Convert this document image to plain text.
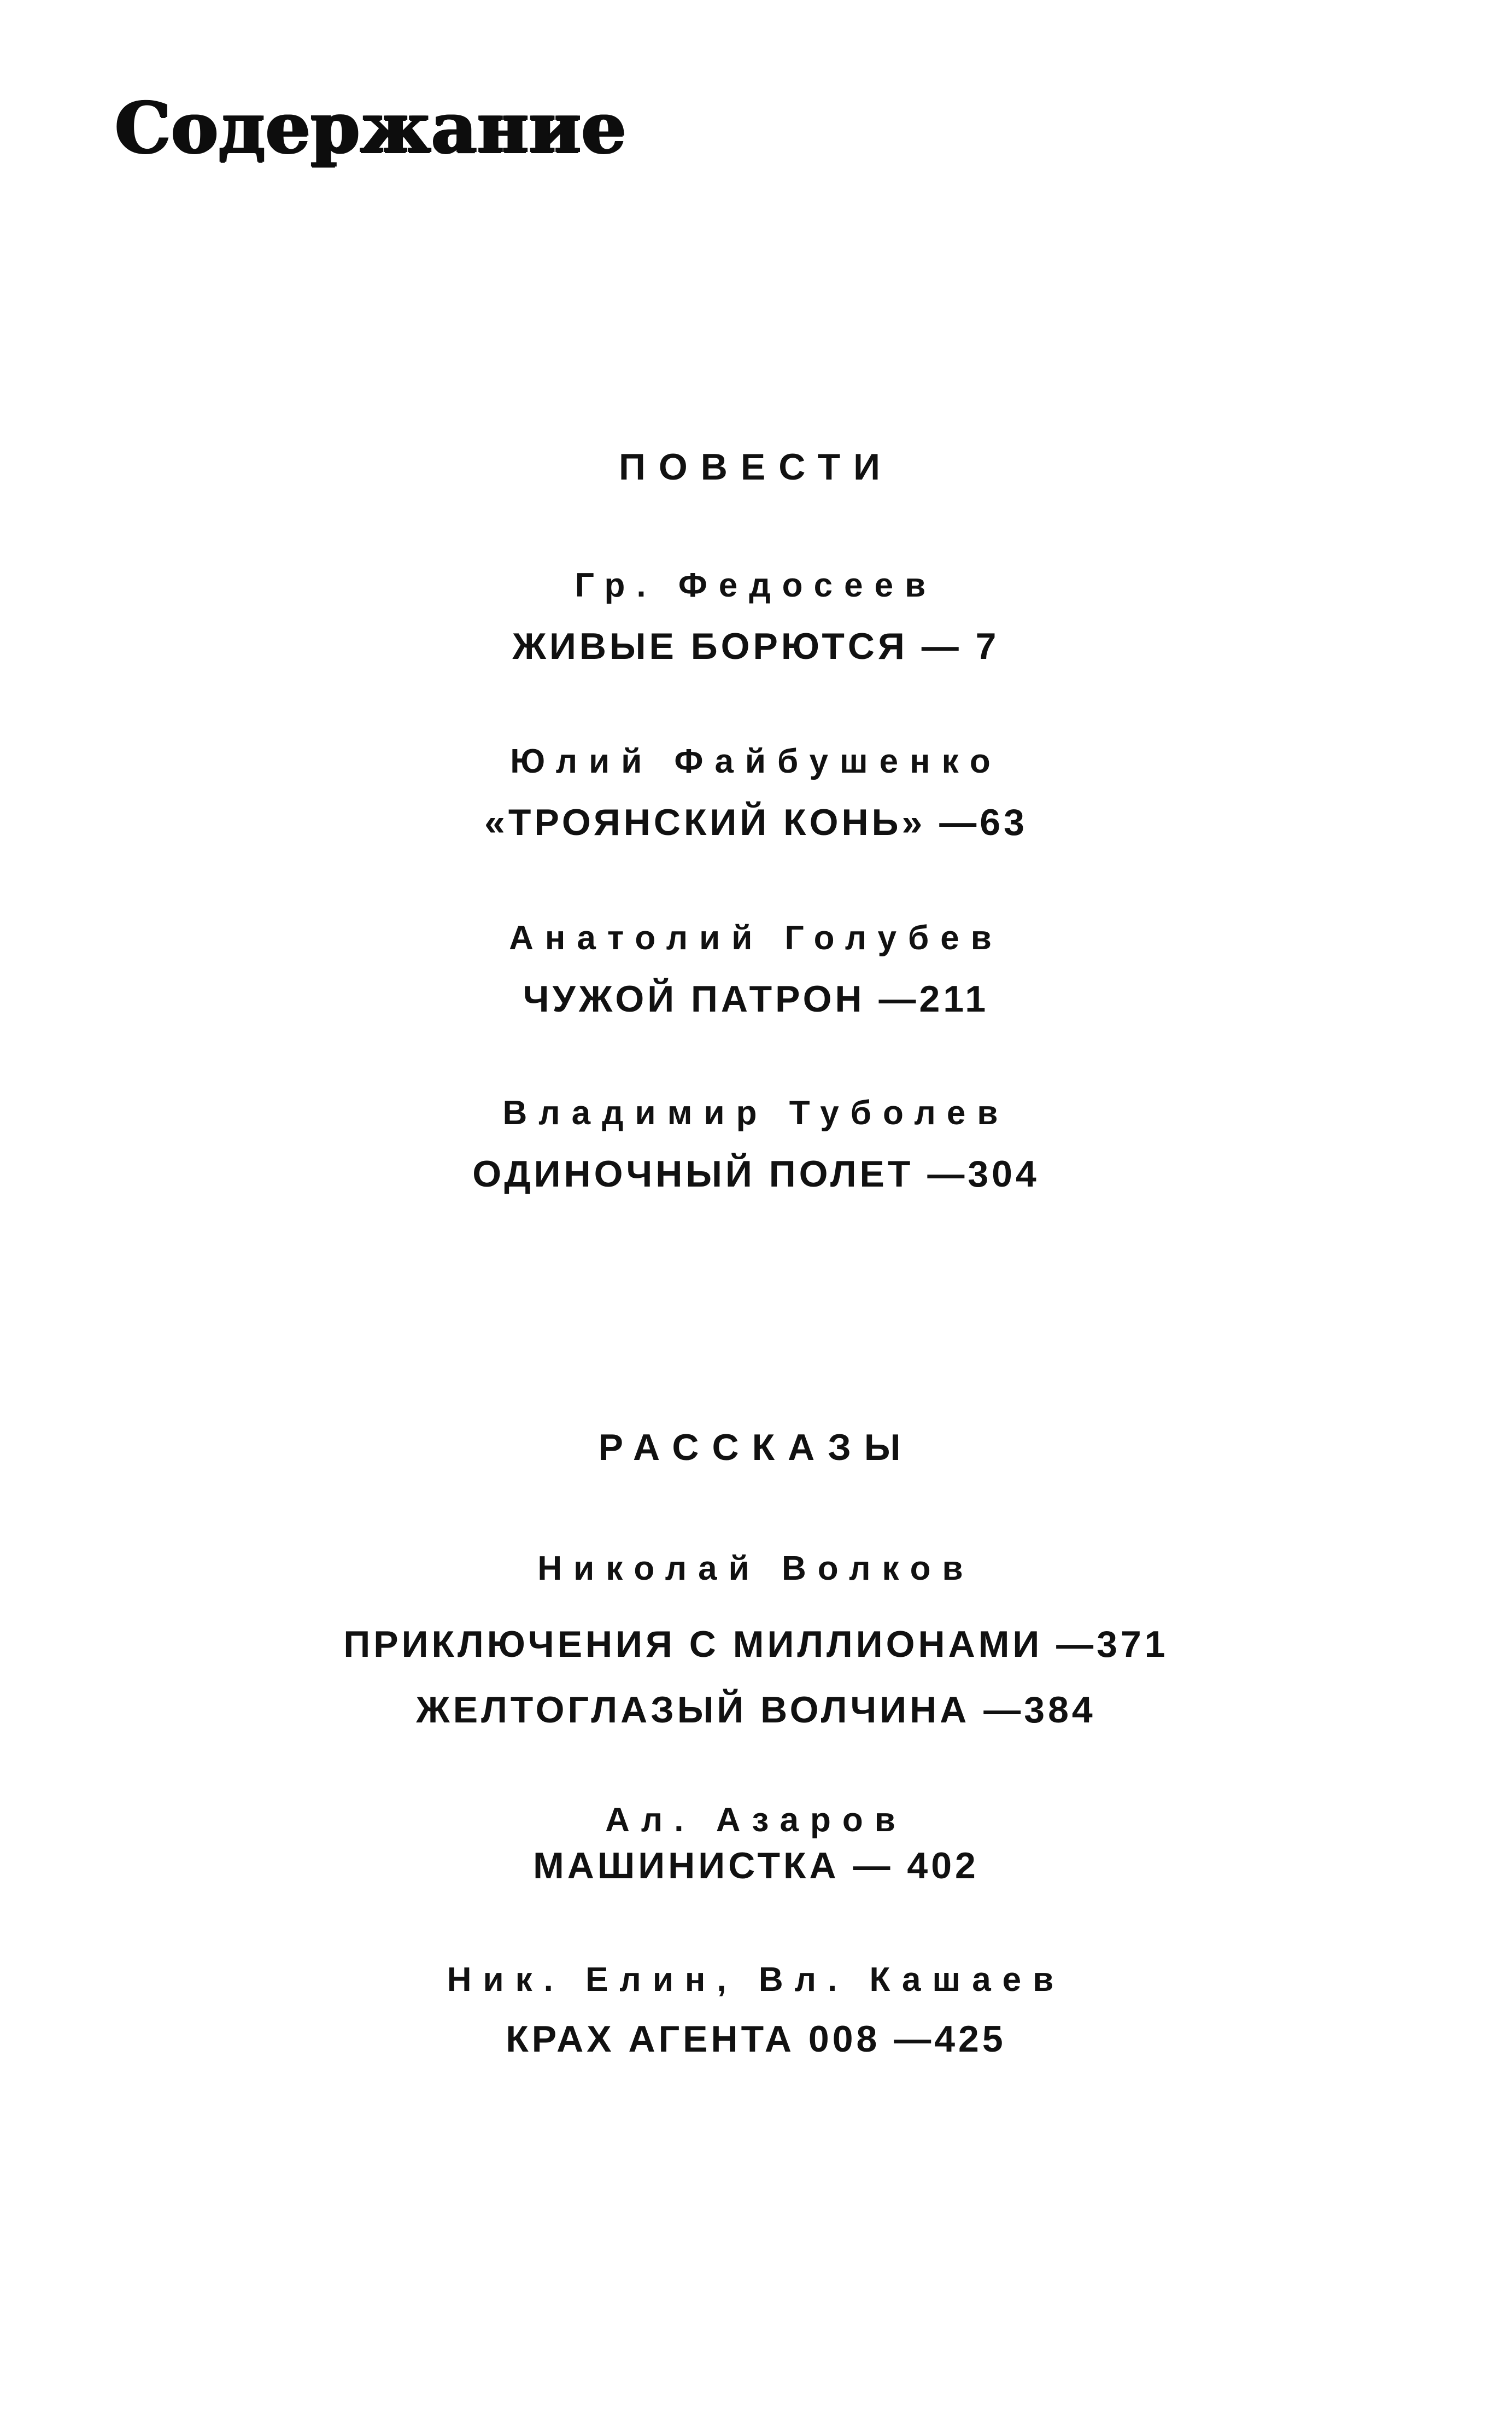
Содержание
ПОВЕСТИ
Гр. Федосеев
ЖИВЫЕ БОРЮТСЯ — 7
Юлий Файбушенко
«ТРОЯНСКИЙ КОНЬ» —63
Анатолий Голубев
ЧУЖОЙ ПАТРОН —211
Владимир Туболев
ОДИНОЧНЫЙ ПОЛЕТ —304
РАССКАЗЫ
Николай Волков
ПРИКЛЮЧЕНИЯ С МИЛЛИОНАМИ —371
ЖЕЛТОГЛАЗЫЙ ВОЛЧИНА —384
Ал. Азаров
МАШИНИСТКА — 402
Ник. Елин, Вл. Кашаев
КРАХ АГЕНТА 008 —425
